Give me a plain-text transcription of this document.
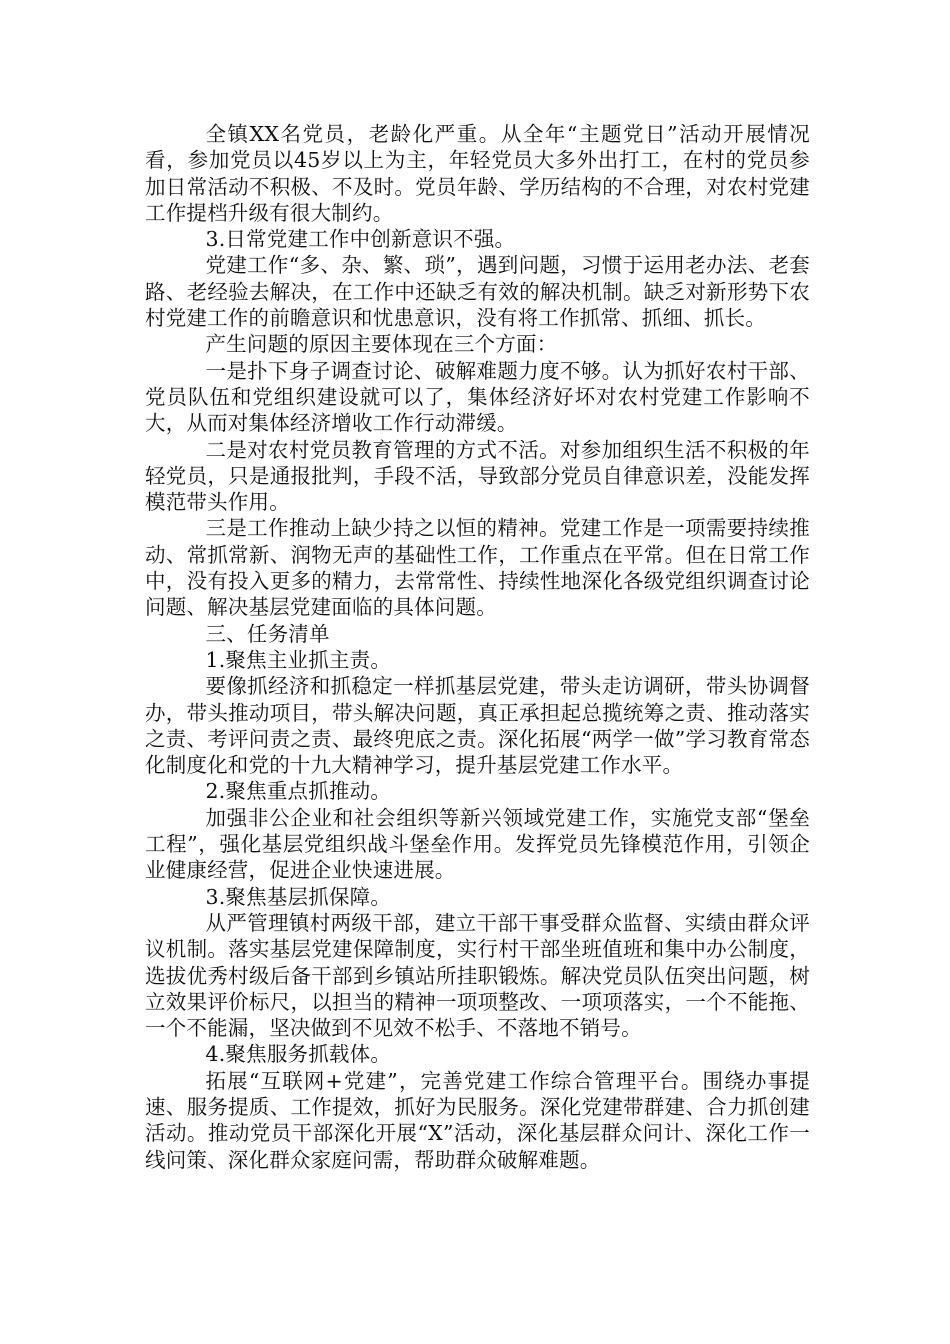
全镇XX名党员，老龄化严重。从全年“主题党日”活动开展情况看，参加党员以45岁以上为主，年轻党员大多外出打工，在村的党员参加日常活动不积极、不及时。党员年龄、学历结构的不合理，对农村党建工作提档升级有很大制约。

3.日常党建工作中创新意识不强。

党建工作“多、杂、繁、琐”，遇到问题，习惯于运用老办法、老套路、老经验去解决，在工作中还缺乏有效的解决机制。缺乏对新形势下农村党建工作的前瞻意识和忧患意识，没有将工作抓常、抓细、抓长。

产生问题的原因主要体现在三个方面：

一是扑下身子调查讨论、破解难题力度不够。认为抓好农村干部、党员队伍和党组织建设就可以了，集体经济好坏对农村党建工作影响不大，从而对集体经济增收工作行动滞缓。

二是对农村党员教育管理的方式不活。对参加组织生活不积极的年轻党员，只是通报批判，手段不活，导致部分党员自律意识差，没能发挥模范带头作用。

三是工作推动上缺少持之以恒的精神。党建工作是一项需要持续推动、常抓常新、润物无声的基础性工作，工作重点在平常。但在日常工作中，没有投入更多的精力，去常常性、持续性地深化各级党组织调查讨论问题、解决基层党建面临的具体问题。

三、任务清单

1.聚焦主业抓主责。

要像抓经济和抓稳定一样抓基层党建，带头走访调研，带头协调督办，带头推动项目，带头解决问题，真正承担起总揽统筹之责、推动落实之责、考评问责之责、最终兜底之责。深化拓展“两学一做”学习教育常态化制度化和党的十九大精神学习，提升基层党建工作水平。

2.聚焦重点抓推动。

加强非公企业和社会组织等新兴领域党建工作，实施党支部“堡垒工程”，强化基层党组织战斗堡垒作用。发挥党员先锋模范作用，引领企业健康经营，促进企业快速进展。

3.聚焦基层抓保障。

从严管理镇村两级干部，建立干部干事受群众监督、实绩由群众评议机制。落实基层党建保障制度，实行村干部坐班值班和集中办公制度，选拔优秀村级后备干部到乡镇站所挂职锻炼。解决党员队伍突出问题，树立效果评价标尺，以担当的精神一项项整改、一项项落实，一个不能拖、一个不能漏，坚决做到不见效不松手、不落地不销号。

4.聚焦服务抓载体。

拓展“互联网+党建”，完善党建工作综合管理平台。围绕办事提速、服务提质、工作提效，抓好为民服务。深化党建带群建、合力抓创建活动。推动党员干部深化开展“X”活动，深化基层群众问计、深化工作一线问策、深化群众家庭问需，帮助群众破解难题。
